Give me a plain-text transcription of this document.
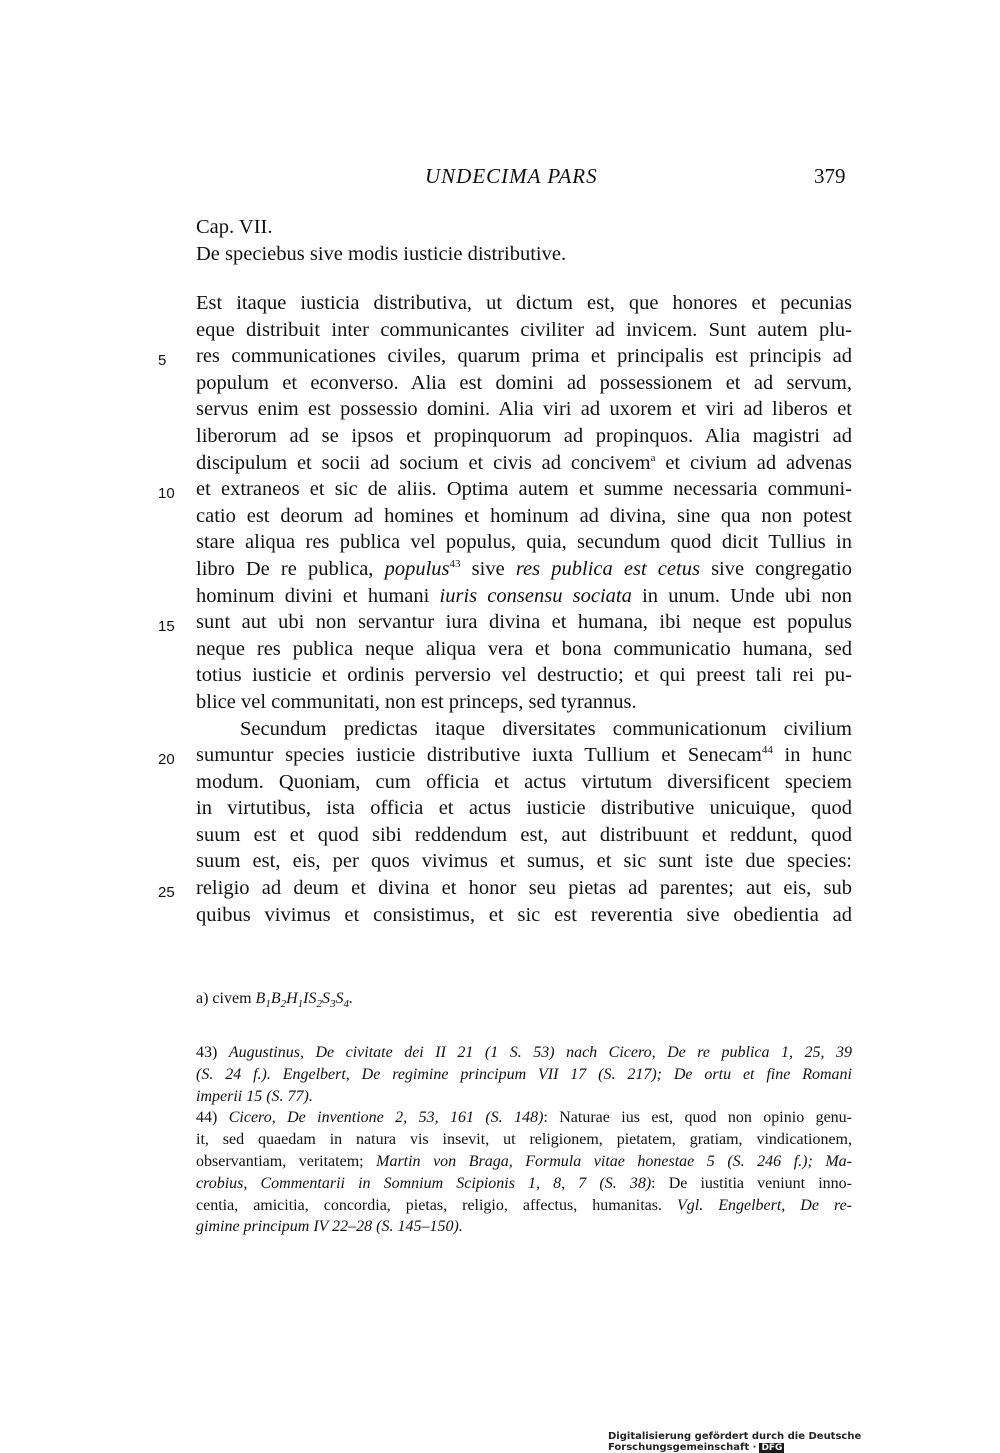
UNDECIMA PARS	379
Cap. VII.
De speciebus sive modis iusticie distributive.
5
10
15
20
25
Est itaque iusticia distributiva, ut dictum est, que honores et pecunias
eque distribuit inter communicantes civiliter ad invicem. Sunt autem plu-
res communicationes civiles, quarum prima et principalis est principis ad
populum et econverso. Alia est domini ad possessionem et ad servum,
servus enim est possessio domini. Alia viri ad uxorem et viri ad liberos et
liberorum ad se ipsos et propinquorum ad propinquos. Alia magistri ad
discipulum et socii ad socium et civis ad concivem$^a$ et civium ad advenas
et extraneos et sic de aliis. Optima autem et summe necessaria communi-
catio est deorum ad homines et hominum ad divina, sine qua non potest
stare aliqua res publica vel populus, quia, secundum quod dicit Tullius in
libro De re publica, populus$^{43}$ sive res publica est cetus sive congregatio
hominum divini et humani iuris consensu sociata in unum. Unde ubi non
sunt aut ubi non servantur iura divina et humana, ibi neque est populus
neque res publica neque aliqua vera et bona communicatio humana, sed
totius iusticie et ordinis perversio vel destructio; et qui preest tali rei pu-
blice vel communitati, non est princeps, sed tyrannus.
Secundum predictas itaque diversitates communicationum civilium
sumuntur species iusticie distributive iuxta Tullium et Senecam$^{44}$ in hunc
modum. Quoniam, cum officia et actus virtutum diversificent speciem
in virtutibus, ista officia et actus iusticie distributive unicuique, quod
suum est et quod sibi reddendum est, aut distribuunt et reddunt, quod
suum est, eis, per quos vivimus et sumus, et sic sunt iste due species:
religio ad deum et divina et honor seu pietas ad parentes; aut eis, sub
quibus vivimus et consistimus, et sic est reverentia sive obedientia ad
a) civem $B_1B_2H_1IS_2S_3S_4$.
43) Augustinus, De civitate dei II 21 (1 S. 53) nach Cicero, De re publica 1, 25, 39
(S. 24 f.). Engelbert, De regimine principum VII 17 (S. 217); De ortu et fine Romani
imperii 15 (S. 77).
44) Cicero, De inventione 2, 53, 161 (S. 148): Naturae ius est, quod non opinio genu-
it, sed quaedam in natura vis insevit, ut religionem, pietatem, gratiam, vindicationem,
observantiam, veritatem; Martin von Braga, Formula vitae honestae 5 (S. 246 f.); Ma-
crobius, Commentarii in Somnium Scipionis 1, 8, 7 (S. 38): De iustitia veniunt inno-
centia, amicitia, concordia, pietas, religio, affectus, humanitas. Vgl. Engelbert, De re-
gimine principum IV 22–28 (S. 145–150).
Digitalisierung gefördert durch die Deutsche Forschungsgemeinschaft · DFG
